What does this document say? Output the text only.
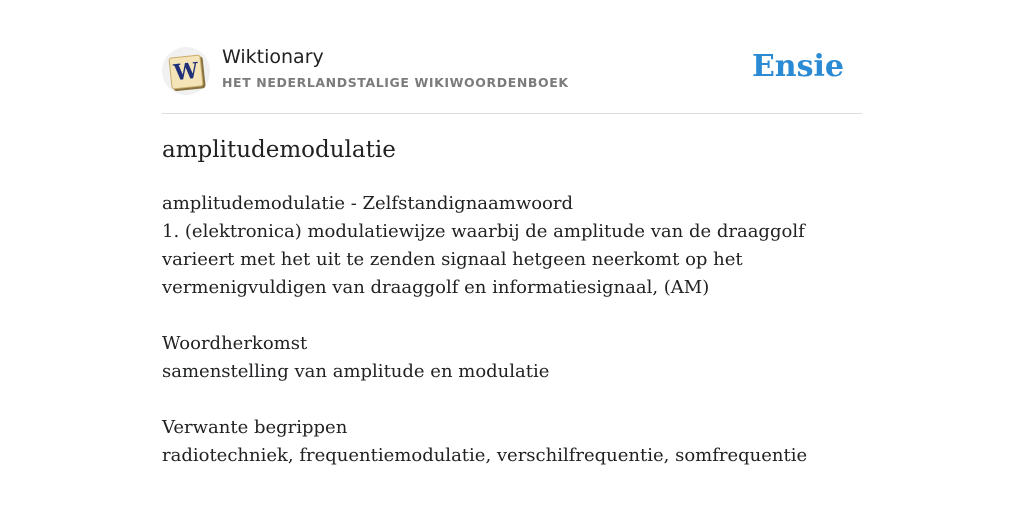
W
Wiktionary
HET NEDERLANDSTALIGE WIKIWOORDENBOEK	Ensie
amplitudemodulatie

amplitudemodulatie - Zelfstandignaamwoord

1. (elektronica) modulatiewijze waarbij de amplitude van de draaggolf varieert met het uit te zenden signaal hetgeen neerkomt op het vermenigvuldigen van draaggolf en informatiesignaal, (AM)

Woordherkomst

samenstelling van amplitude en modulatie

Verwante begrippen

radiotechniek, frequentiemodulatie, verschilfrequentie, somfrequentie
